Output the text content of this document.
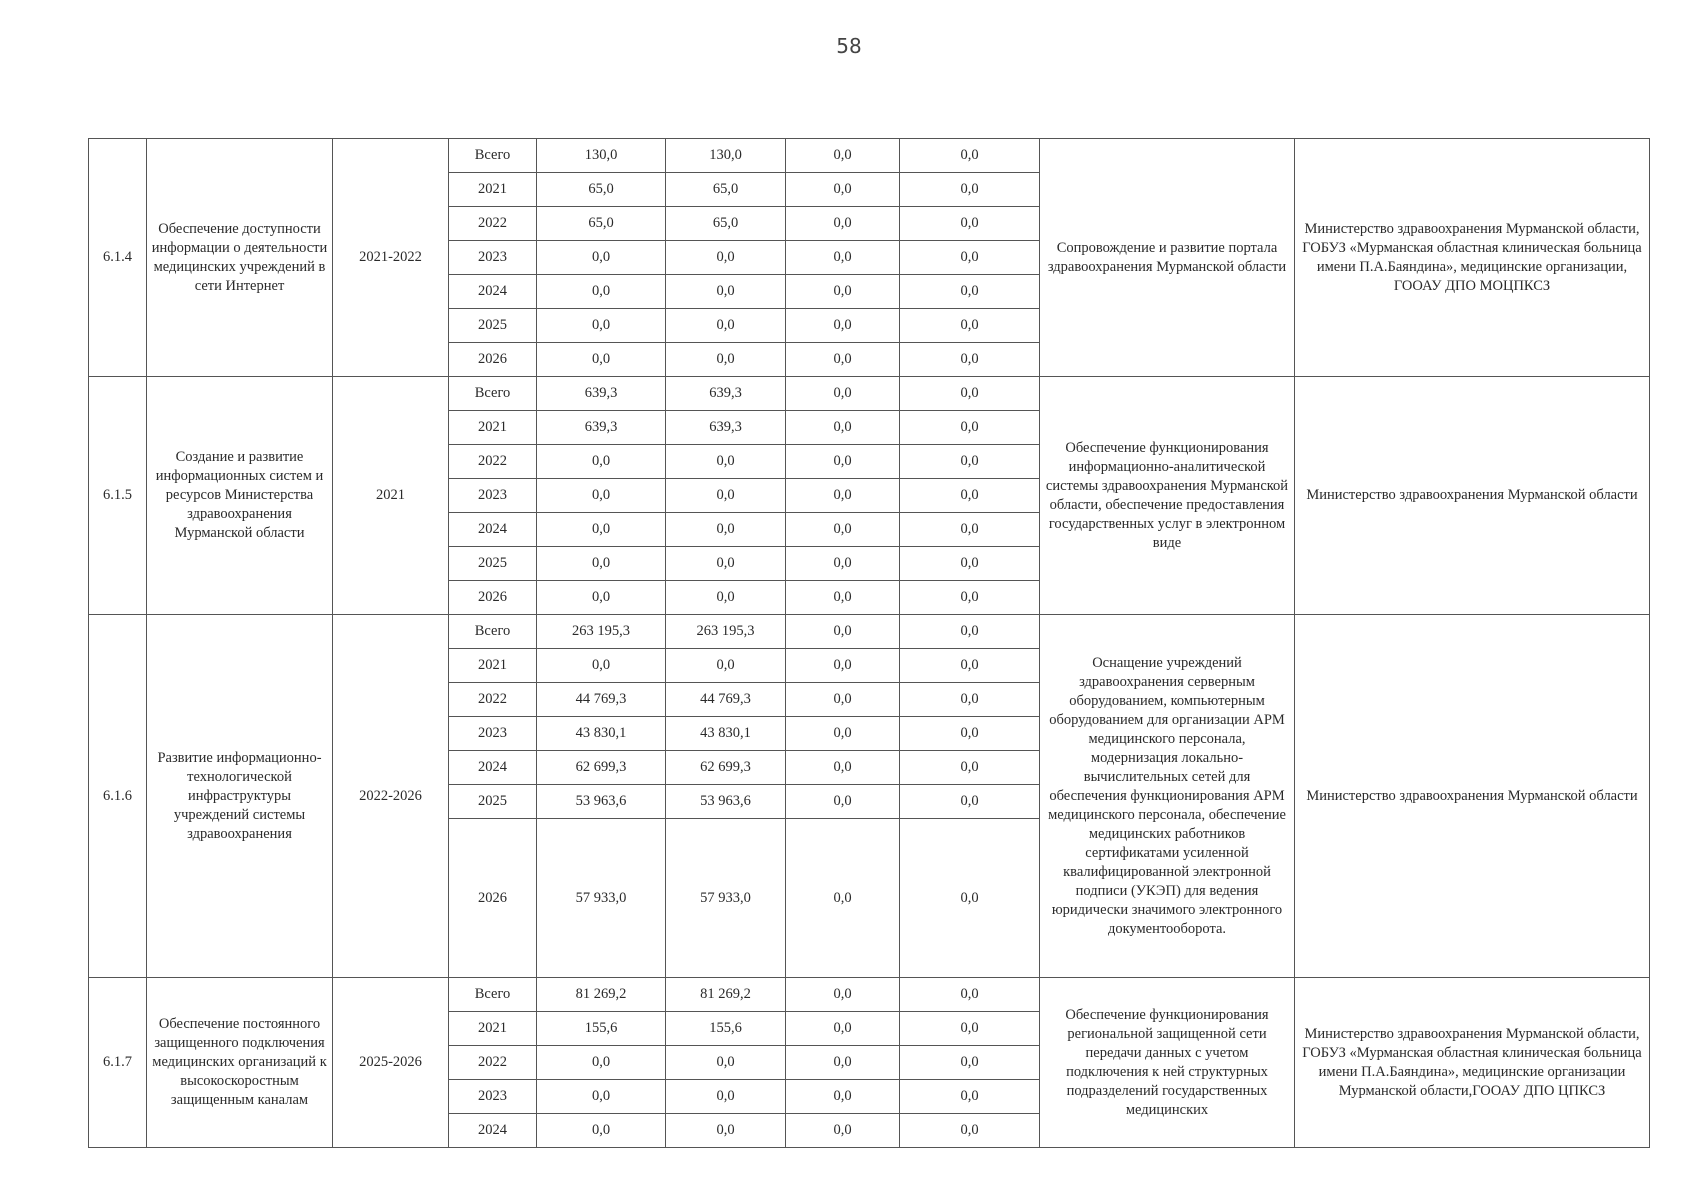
58
6.1.4	Обеспечение доступности информации о деятельности медицинских учреждений в сети Интернет	2021-2022	Всего	130,0	130,0	0,0	0,0	Сопровождение и развитие портала здравоохранения Мурманской области	Министерство здравоохранения Мурманской области, ГОБУЗ «Мурманская областная клиническая больница имени П.А.Баяндина», медицинские организации, ГООАУ ДПО МОЦПКСЗ
			2021	65,0	65,0	0,0	0,0		
			2022	65,0	65,0	0,0	0,0		
			2023	0,0	0,0	0,0	0,0		
			2024	0,0	0,0	0,0	0,0		
			2025	0,0	0,0	0,0	0,0		
			2026	0,0	0,0	0,0	0,0		
6.1.5	Создание и развитие информационных систем и ресурсов Министерства здравоохранения Мурманской области	2021	Всего	639,3	639,3	0,0	0,0	Обеспечение функционирования информационно-аналитической системы здравоохранения Мурманской области, обеспечение предоставления государственных услуг в электронном виде	Министерство здравоохранения Мурманской области
			2021	639,3	639,3	0,0	0,0		
			2022	0,0	0,0	0,0	0,0		
			2023	0,0	0,0	0,0	0,0		
			2024	0,0	0,0	0,0	0,0		
			2025	0,0	0,0	0,0	0,0		
			2026	0,0	0,0	0,0	0,0		
6.1.6	Развитие информационно-технологической инфраструктуры учреждений системы здравоохранения	2022-2026	Всего	263 195,3	263 195,3	0,0	0,0	Оснащение учреждений здравоохранения серверным оборудованием, компьютерным оборудованием для организации АРМ медицинского персонала, модернизация локально-вычислительных сетей для обеспечения функционирования АРМ медицинского персонала, обеспечение медицинских работников сертификатами усиленной квалифицированной электронной подписи (УКЭП) для ведения юридически значимого электронного документооборота.	Министерство здравоохранения Мурманской области
			2021	0,0	0,0	0,0	0,0		
			2022	44 769,3	44 769,3	0,0	0,0		
			2023	43 830,1	43 830,1	0,0	0,0		
			2024	62 699,3	62 699,3	0,0	0,0		
			2025	53 963,6	53 963,6	0,0	0,0		
			2026	57 933,0	57 933,0	0,0	0,0		
6.1.7	Обеспечение постоянного защищенного подключения медицинских организаций к высокоскоростным защищенным каналам	2025-2026	Всего	81 269,2	81 269,2	0,0	0,0	Обеспечение функционирования региональной защищенной сети передачи данных с учетом подключения к ней структурных подразделений государственных медицинских	Министерство здравоохранения Мурманской области, ГОБУЗ «Мурманская областная клиническая больница имени П.А.Баяндина», медицинские организации Мурманской области,ГООАУ ДПО ЦПКСЗ
			2021	155,6	155,6	0,0	0,0		
			2022	0,0	0,0	0,0	0,0		
			2023	0,0	0,0	0,0	0,0		
			2024	0,0	0,0	0,0	0,0		
